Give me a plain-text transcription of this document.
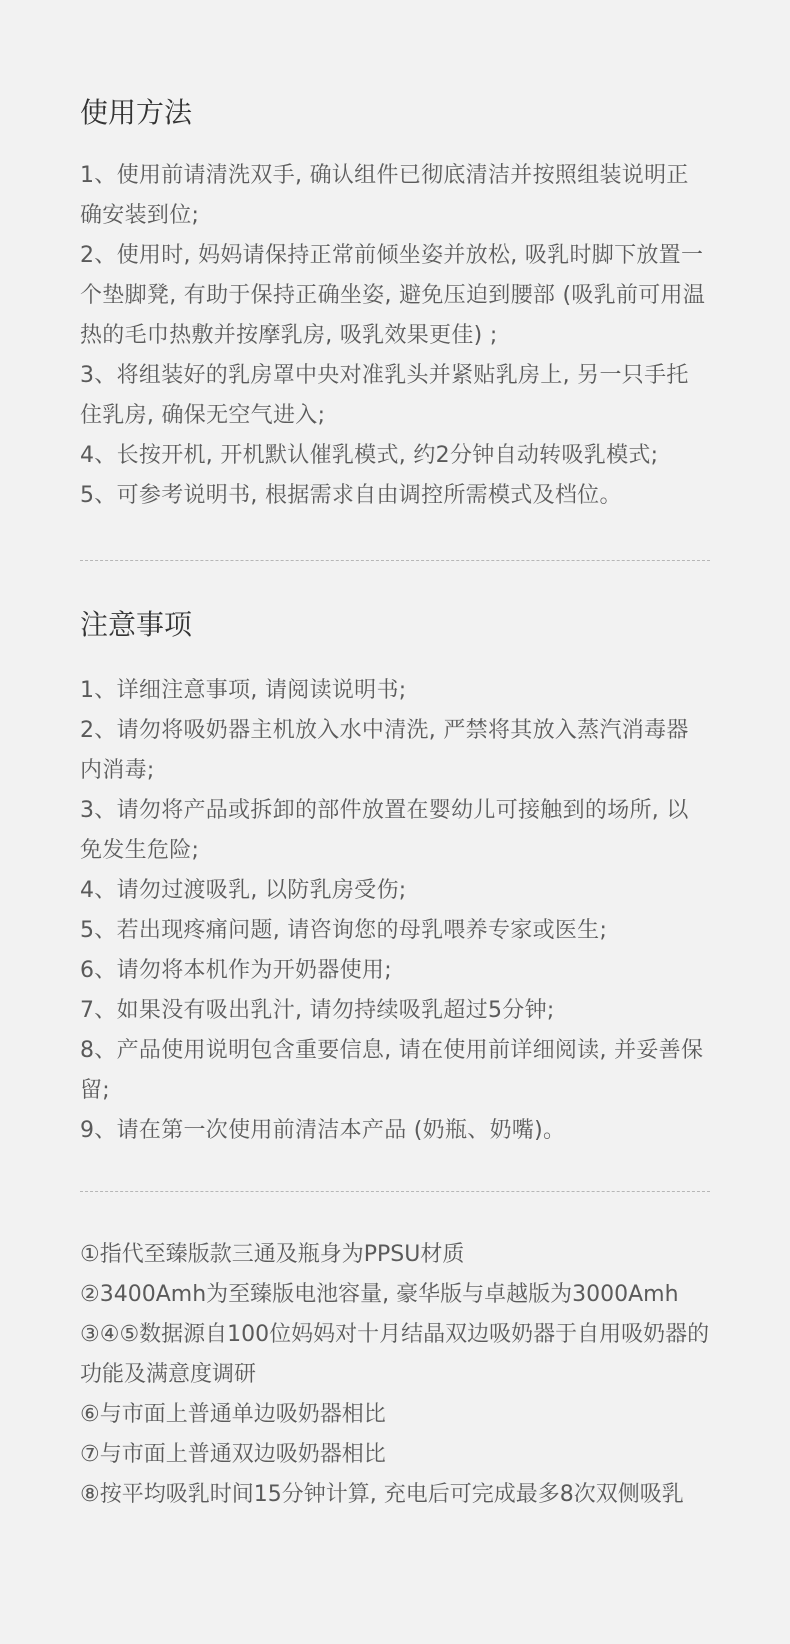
使用方法
1、使用前请清洗双手, 确认组件已彻底清洁并按照组装说明正确安装到位;
2、使用时, 妈妈请保持正常前倾坐姿并放松, 吸乳时脚下放置一个垫脚凳, 有助于保持正确坐姿, 避免压迫到腰部 (吸乳前可用温热的毛巾热敷并按摩乳房, 吸乳效果更佳) ;
3、将组装好的乳房罩中央对准乳头并紧贴乳房上, 另一只手托住乳房, 确保无空气进入;
4、长按开机, 开机默认催乳模式, 约2分钟自动转吸乳模式;
5、可参考说明书, 根据需求自由调控所需模式及档位。
注意事项
1、详细注意事项, 请阅读说明书;
2、请勿将吸奶器主机放入水中清洗, 严禁将其放入蒸汽消毒器内消毒;
3、请勿将产品或拆卸的部件放置在婴幼儿可接触到的场所, 以免发生危险;
4、请勿过渡吸乳, 以防乳房受伤;
5、若出现疼痛问题, 请咨询您的母乳喂养专家或医生;
6、请勿将本机作为开奶器使用;
7、如果没有吸出乳汁, 请勿持续吸乳超过5分钟;
8、产品使用说明包含重要信息, 请在使用前详细阅读, 并妥善保留;
9、请在第一次使用前清洁本产品 (奶瓶、奶嘴)。
①指代至臻版款三通及瓶身为PPSU材质
②3400Amh为至臻版电池容量, 豪华版与卓越版为3000Amh
③④⑤数据源自100位妈妈对十月结晶双边吸奶器于自用吸奶器的功能及满意度调研
⑥与市面上普通单边吸奶器相比
⑦与市面上普通双边吸奶器相比
⑧按平均吸乳时间15分钟计算, 充电后可完成最多8次双侧吸乳
